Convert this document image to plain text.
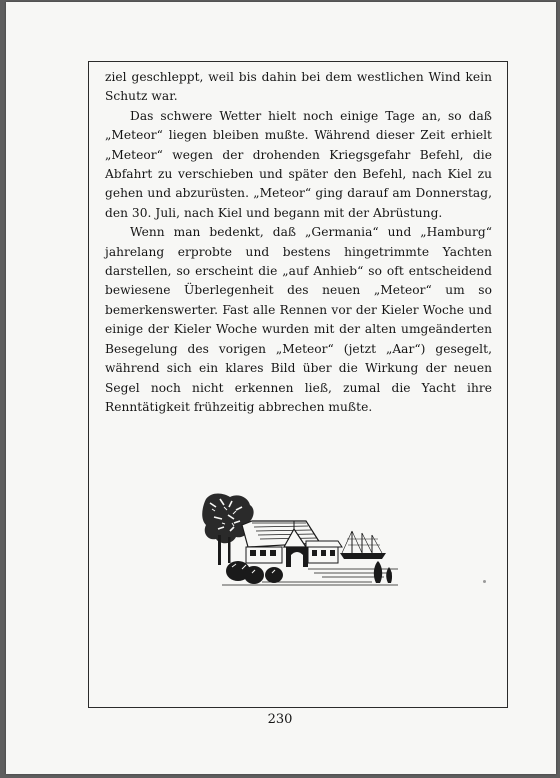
ziel geschleppt, weil bis dahin bei dem westlichen Wind kein Schutz war.

Das schwere Wetter hielt noch einige Tage an, so daß „Meteor“ liegen bleiben mußte. Während dieser Zeit erhielt „Meteor“ wegen der drohenden Kriegsgefahr Befehl, die Abfahrt zu verschieben und später den Befehl, nach Kiel zu gehen und abzurüsten. „Meteor“ ging darauf am Donnerstag, den 30. Juli, nach Kiel und begann mit der Abrüstung.

Wenn man bedenkt, daß „Germania“ und „Hamburg“ jahrelang erprobte und bestens hingetrimmte Yachten darstellen, so erscheint die „auf Anhieb“ so oft entscheidend bewiesene Überlegenheit des neuen „Meteor“ um so bemerkenswerter. Fast alle Rennen vor der Kieler Woche und einige der Kieler Woche wurden mit der alten umgeänderten Besegelung des vorigen „Meteor“ (jetzt „Aar“) gesegelt, während sich ein klares Bild über die Wirkung der neuen Segel noch nicht erkennen ließ, zumal die Yacht ihre Renntätigkeit frühzeitig abbrechen mußte.

230
